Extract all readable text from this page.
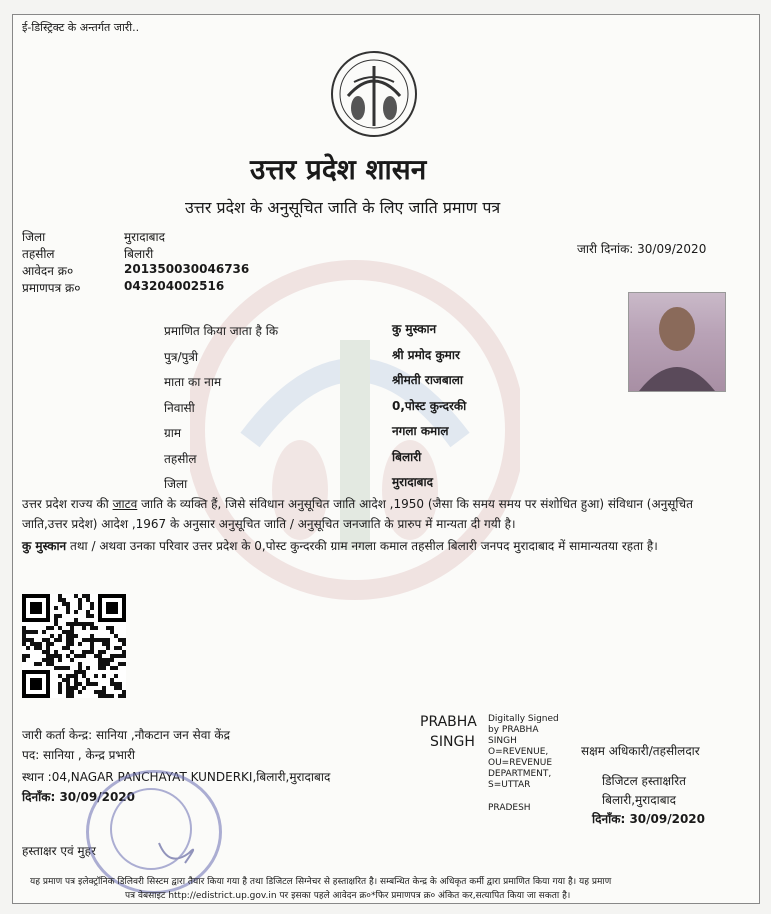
ई-डिस्ट्रिक्ट के अन्तर्गत जारी..
उत्तर प्रदेश शासन
उत्तर प्रदेश के अनुसूचित जाति के लिए जाति प्रमाण पत्र
जिला	मुरादाबाद
तहसील	बिलारी
आवेदन क्र०	201350030046736
प्रमाणपत्र क्र०	043204002516
जारी दिनांक: 30/09/2020
प्रमाणित किया जाता है कि	कु मुस्कान
पुत्र/पुत्री	श्री प्रमोद कुमार
माता का नाम	श्रीमती राजबाला
निवासी	0,पोस्ट कुन्दरकी
ग्राम	नगला कमाल
तहसील	बिलारी
जिला	मुरादाबाद
उत्तर प्रदेश राज्य की जाटव जाति के व्यक्ति हैं, जिसे संविधान अनुसूचित जाति आदेश ,1950 (जैसा कि समय समय पर संशोधित हुआ) संविधान (अनुसूचित जाति,उत्तर प्रदेश) आदेश ,1967 के अनुसार अनुसूचित जाति / अनुसूचित जनजाति के प्रारुप में मान्यता दी गयी है।
कु मुस्कान तथा / अथवा उनका परिवार उत्तर प्रदेश के 0,पोस्ट कुन्दरकी ग्राम नगला कमाल तहसील बिलारी जनपद मुरादाबाद में सामान्यतया रहता है।
जारी कर्ता केन्द्र: सानिया ,नौकटान जन सेवा केंद्र
पद: सानिया , केन्द्र प्रभारी
स्थान :04,NAGAR PANCHAYAT KUNDERKI,बिलारी,मुरादाबाद
दिनाँक: 30/09/2020
हस्ताक्षर एवं मुहर
PRABHA
SINGH
Digitally Signed
by PRABHA
SINGH
O=REVENUE,
OU=REVENUE
DEPARTMENT,
S=UTTAR
PRADESH
सक्षम अधिकारी/तहसीलदार
डिजिटल हस्ताक्षरित
बिलारी,मुरादाबाद
दिनाँक: 30/09/2020
यह प्रमाण पत्र इलेक्ट्रॉनिक डिलिवरी सिस्टम द्वारा तैयार किया गया है तथा डिजिटल सिग्नेचर से हस्ताक्षरित है। सम्बन्धित केन्द्र के अधिकृत कर्मी द्वारा प्रमाणित किया गया है। यह प्रमाण
पत्र वेबसाइट http://edistrict.up.gov.in पर इसका पहले आवेदन क्र०*फिर प्रमाणपत्र क्र० अंकित कर,सत्यापित किया जा सकता है।
